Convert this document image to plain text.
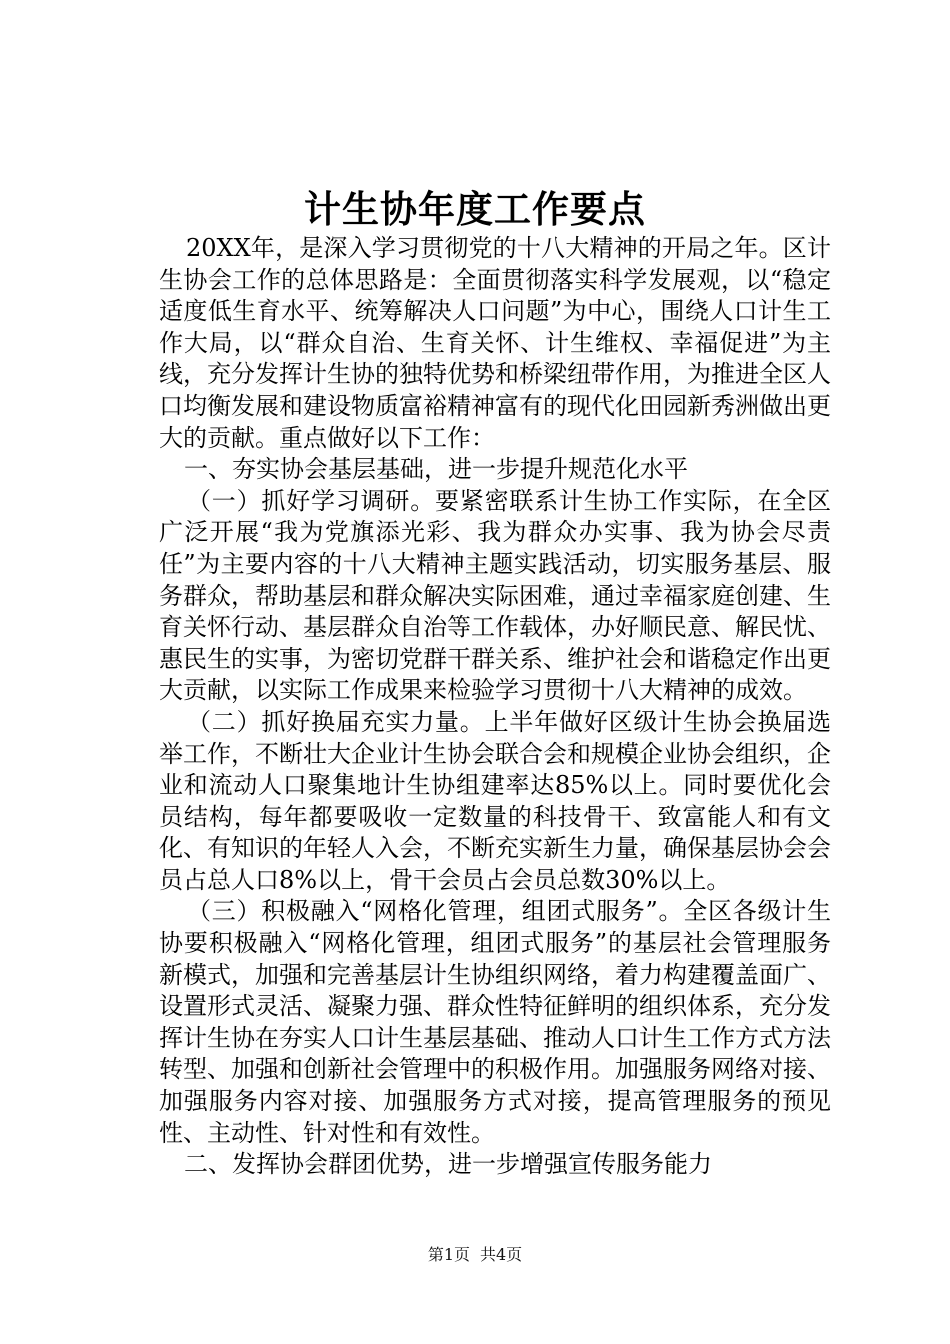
计生协年度工作要点

20XX年，是深入学习贯彻党的十八大精神的开局之年。区计生协会工作的总体思路是：全面贯彻落实科学发展观，以“稳定适度低生育水平、统筹解决人口问题”为中心，围绕人口计生工作大局，以“群众自治、生育关怀、计生维权、幸福促进”为主线，充分发挥计生协的独特优势和桥梁纽带作用，为推进全区人口均衡发展和建设物质富裕精神富有的现代化田园新秀洲做出更大的贡献。重点做好以下工作：

一、夯实协会基层基础，进一步提升规范化水平

（一）抓好学习调研。要紧密联系计生协工作实际，在全区广泛开展“我为党旗添光彩、我为群众办实事、我为协会尽责任”为主要内容的十八大精神主题实践活动，切实服务基层、服务群众，帮助基层和群众解决实际困难，通过幸福家庭创建、生育关怀行动、基层群众自治等工作载体，办好顺民意、解民忧、惠民生的实事，为密切党群干群关系、维护社会和谐稳定作出更大贡献，以实际工作成果来检验学习贯彻十八大精神的成效。

（二）抓好换届充实力量。上半年做好区级计生协会换届选举工作，不断壮大企业计生协会联合会和规模企业协会组织，企业和流动人口聚集地计生协组建率达85%以上。同时要优化会员结构，每年都要吸收一定数量的科技骨干、致富能人和有文化、有知识的年轻人入会，不断充实新生力量，确保基层协会会员占总人口8%以上，骨干会员占会员总数30%以上。

（三）积极融入“网格化管理，组团式服务”。全区各级计生协要积极融入“网格化管理，组团式服务”的基层社会管理服务新模式，加强和完善基层计生协组织网络，着力构建覆盖面广、设置形式灵活、凝聚力强、群众性特征鲜明的组织体系，充分发挥计生协在夯实人口计生基层基础、推动人口计生工作方式方法转型、加强和创新社会管理中的积极作用。加强服务网络对接、加强服务内容对接、加强服务方式对接，提高管理服务的预见性、主动性、针对性和有效性。

二、发挥协会群团优势，进一步增强宣传服务能力

第1页 共4页
